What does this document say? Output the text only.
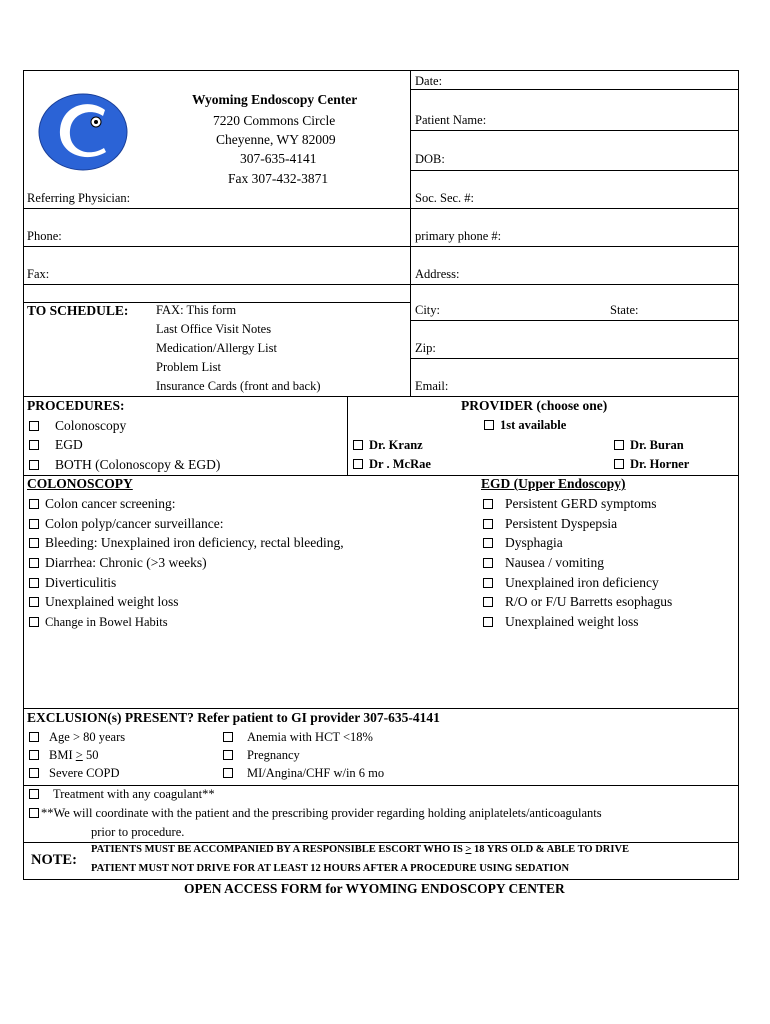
Wyoming Endoscopy Center
7220 Commons Circle
Cheyenne, WY 82009
307-635-4141
Fax 307-432-3871
Date:
Patient Name:
DOB:
Soc. Sec. #:
primary phone #:
Address:
City:	State:
Zip:
Email:
Referring Physician:
Phone:
Fax:
TO SCHEDULE: FAX: This form
Last Office Visit Notes
Medication/Allergy List
Problem List
Insurance Cards (front and back)
PROCEDURES:
Colonoscopy
EGD
BOTH (Colonoscopy & EGD)
PROVIDER (choose one)
1st available
Dr. Kranz
Dr . McRae
Dr. Buran
Dr. Horner
COLONOSCOPY
Colon cancer screening:
Colon polyp/cancer surveillance:
Bleeding: Unexplained iron deficiency, rectal bleeding,
Diarrhea: Chronic (>3 weeks)
Diverticulitis
Unexplained weight loss
Change in Bowel Habits
EGD (Upper Endoscopy)
Persistent GERD symptoms
Persistent Dyspepsia
Dysphagia
Nausea / vomiting
Unexplained iron deficiency
R/O or F/U Barretts esophagus
Unexplained weight loss
EXCLUSION(s) PRESENT? Refer patient to GI provider 307-635-4141
Age > 80 years
BMI > 50
Severe COPD
Anemia with HCT <18%
Pregnancy
MI/Angina/CHF w/in 6 mo
Treatment with any coagulant**
**We will coordinate with the patient and the prescribing provider regarding holding aniplatelets/anticoagulants
prior to procedure.
NOTE:
PATIENTS MUST BE ACCOMPANIED BY A RESPONSIBLE ESCORT WHO IS > 18 YRS OLD & ABLE TO DRIVE
PATIENT MUST NOT DRIVE FOR AT LEAST 12 HOURS AFTER A PROCEDURE USING SEDATION
OPEN ACCESS FORM for WYOMING ENDOSCOPY CENTER
